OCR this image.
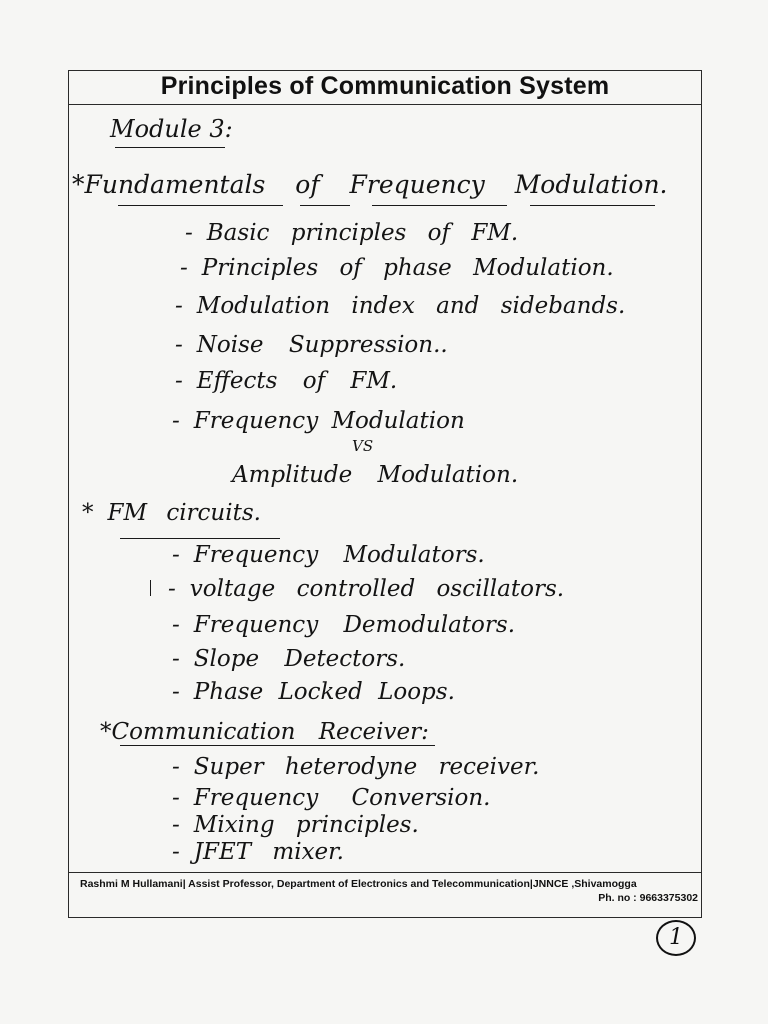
Principles of Communication System
Module 3:
*Fundamentals of Frequency Modulation.
- Basic principles of FM.
- Principles of phase Modulation.
- Modulation index and sidebands.
- Noise Suppression..
- Effects of FM.
- Frequency Modulation
VS
Amplitude Modulation.
* FM circuits.
- Frequency Modulators.
- voltage controlled oscillators.
- Frequency Demodulators.
- Slope Detectors.
- Phase Locked Loops.
*Communication Receiver:
- Super heterodyne receiver.
- Frequency Conversion.
- Mixing principles.
- JFET mixer.
Rashmi M Hullamani| Assist Professor, Department of Electronics and Telecommunication|JNNCE ,Shivamogga
Ph. no : 9663375302
1
